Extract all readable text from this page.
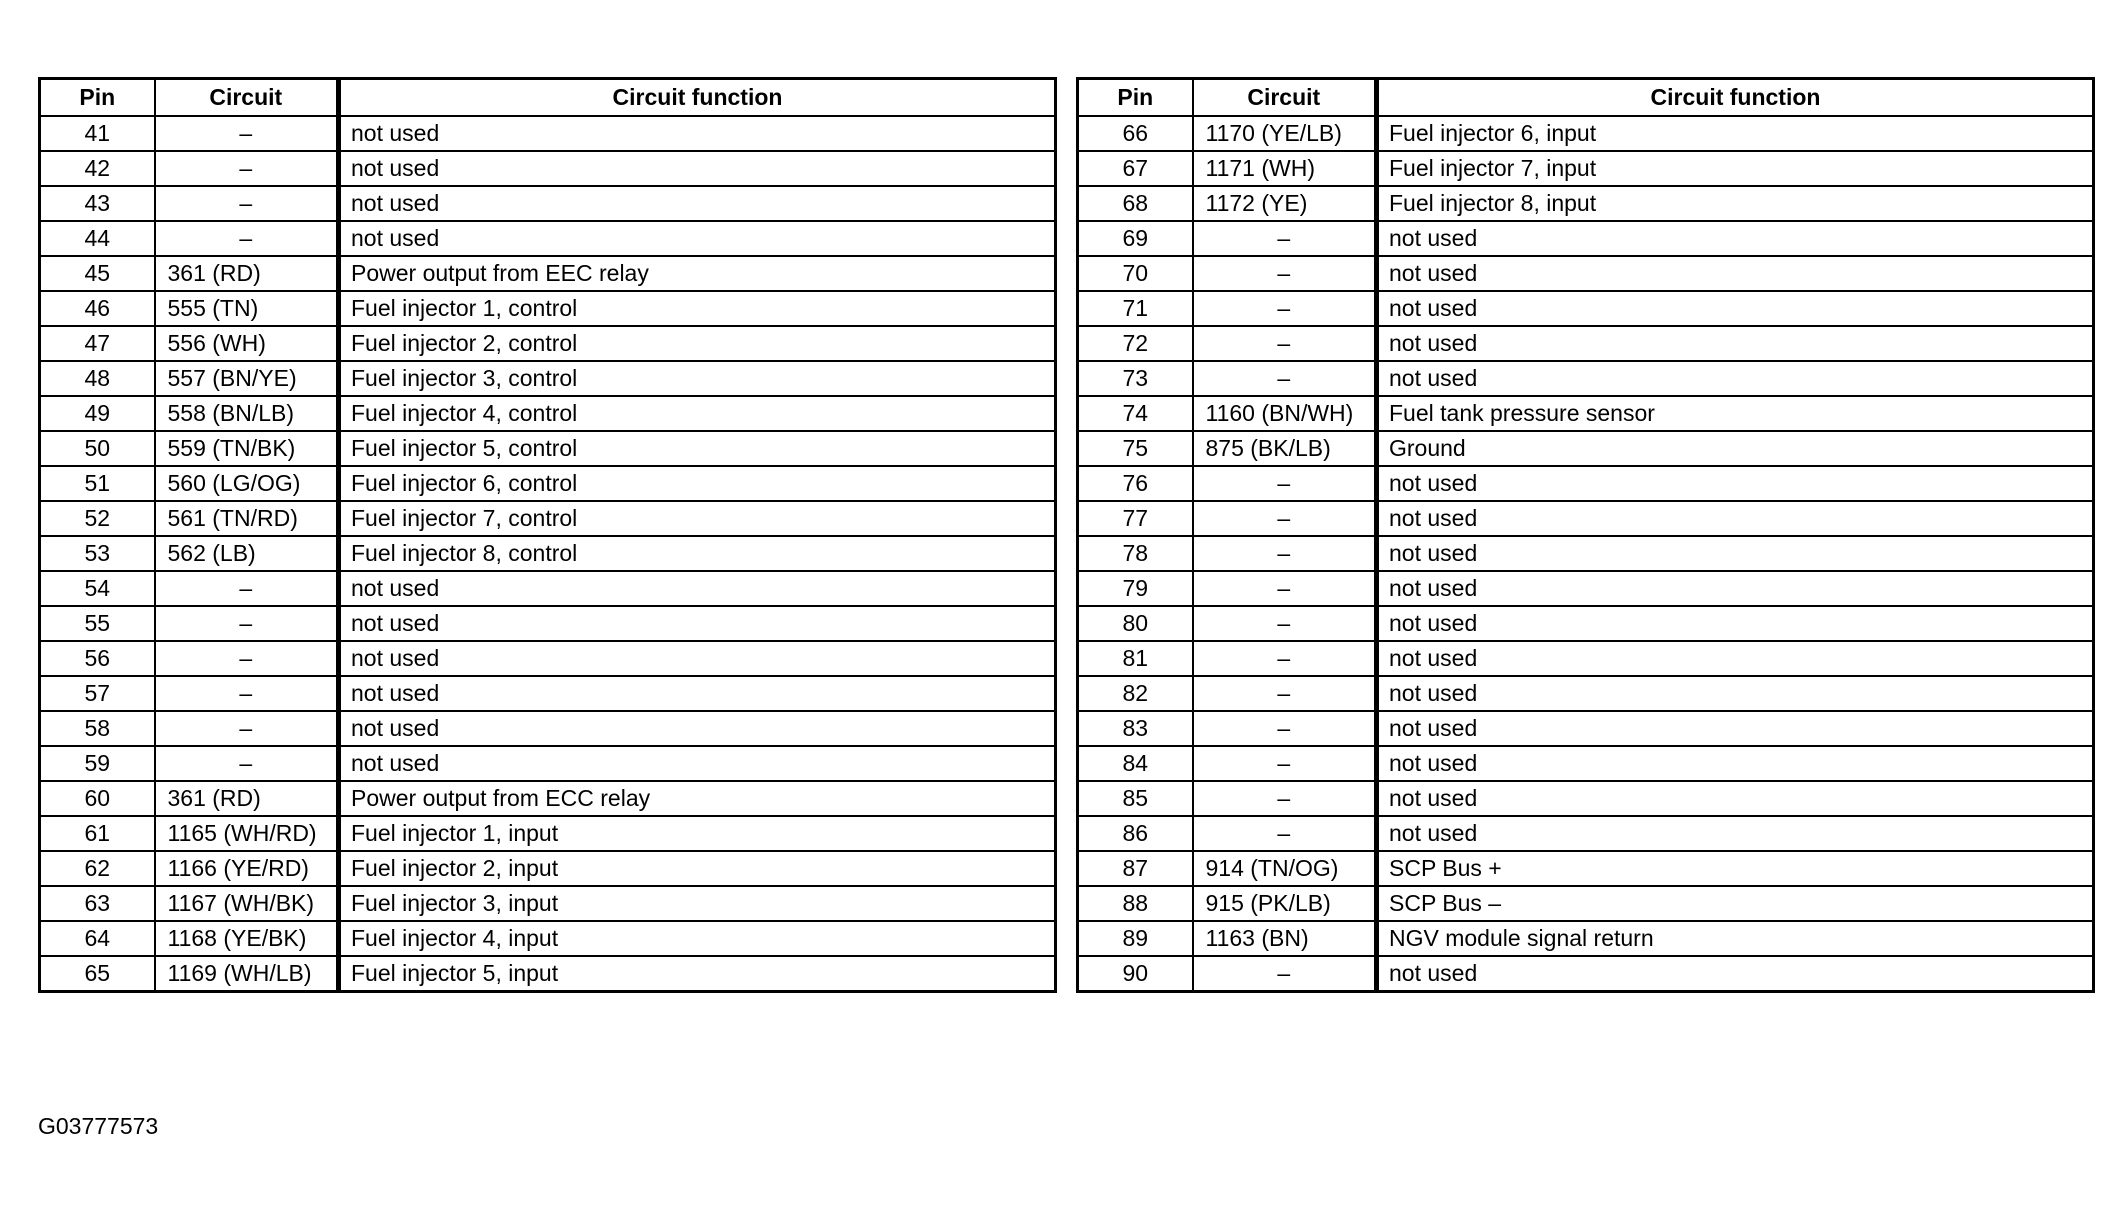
Pin	Circuit	Circuit function
41	–	not used
42	–	not used
43	–	not used
44	–	not used
45	361 (RD)	Power output from EEC relay
46	555 (TN)	Fuel injector 1, control
47	556 (WH)	Fuel injector 2, control
48	557 (BN/YE)	Fuel injector 3, control
49	558 (BN/LB)	Fuel injector 4, control
50	559 (TN/BK)	Fuel injector 5, control
51	560 (LG/OG)	Fuel injector 6, control
52	561 (TN/RD)	Fuel injector 7, control
53	562 (LB)	Fuel injector 8, control
54	–	not used
55	–	not used
56	–	not used
57	–	not used
58	–	not used
59	–	not used
60	361 (RD)	Power output from ECC relay
61	1165 (WH/RD)	Fuel injector 1, input
62	1166 (YE/RD)	Fuel injector 2, input
63	1167 (WH/BK)	Fuel injector 3, input
64	1168 (YE/BK)	Fuel injector 4, input
65	1169 (WH/LB)	Fuel injector 5, input
Pin	Circuit	Circuit function
66	1170 (YE/LB)	Fuel injector 6, input
67	1171 (WH)	Fuel injector 7, input
68	1172 (YE)	Fuel injector 8, input
69	–	not used
70	–	not used
71	–	not used
72	–	not used
73	–	not used
74	1160 (BN/WH)	Fuel tank pressure sensor
75	875 (BK/LB)	Ground
76	–	not used
77	–	not used
78	–	not used
79	–	not used
80	–	not used
81	–	not used
82	–	not used
83	–	not used
84	–	not used
85	–	not used
86	–	not used
87	914 (TN/OG)	SCP Bus +
88	915 (PK/LB)	SCP Bus –
89	1163 (BN)	NGV module signal return
90	–	not used
G03777573
